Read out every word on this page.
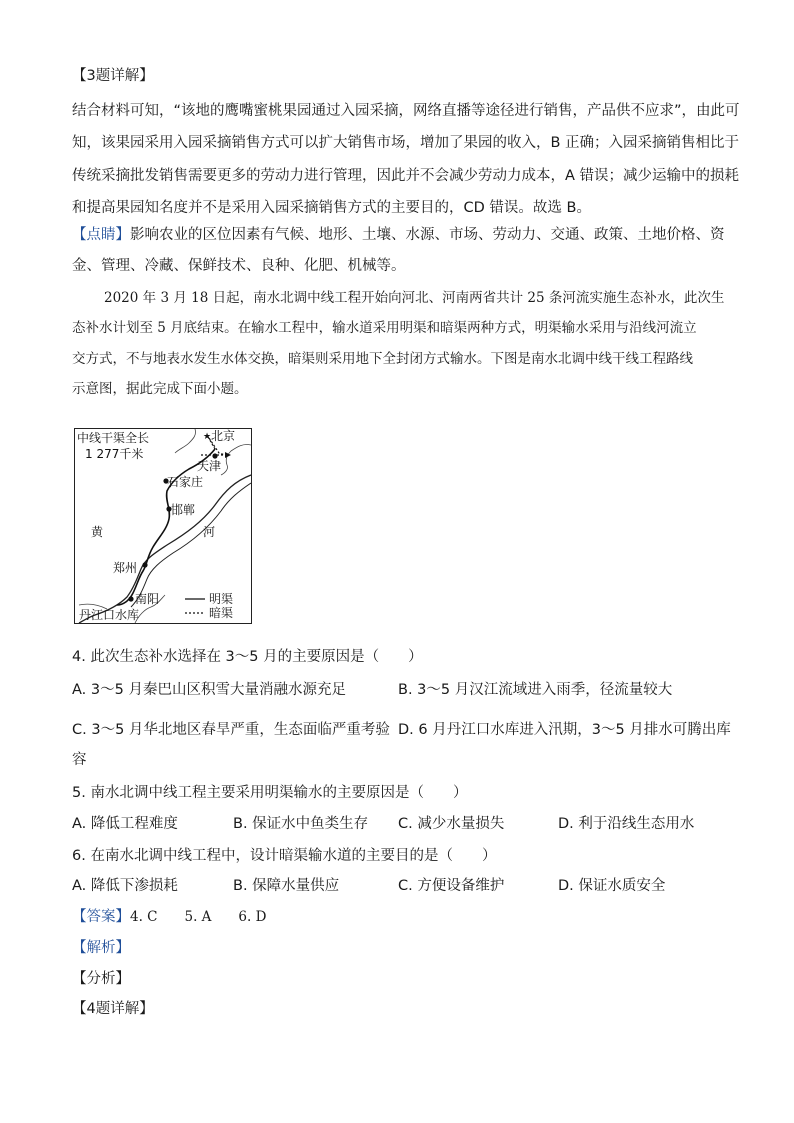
【3题详解】
结合材料可知，“该地的鹰嘴蜜桃果园通过入园采摘，网络直播等途径进行销售，产品供不应求”，由此可
知，该果园采用入园采摘销售方式可以扩大销售市场，增加了果园的收入，B 正确；入园采摘销售相比于
传统采摘批发销售需要更多的劳动力进行管理，因此并不会减少劳动力成本，A 错误；减少运输中的损耗
和提高果园知名度并不是采用入园采摘销售方式的主要目的，CD 错误。故选 B。
【点睛】影响农业的区位因素有气候、地形、土壤、水源、市场、劳动力、交通、政策、土地价格、资
金、管理、冷藏、保鲜技术、良种、化肥、机械等。
2020 年 3 月 18 日起，南水北调中线工程开始向河北、河南两省共计 25 条河流实施生态补水，此次生
态补水计划至 5 月底结束。在输水工程中，输水道采用明渠和暗渠两种方式，明渠输水采用与沿线河流立
交方式，不与地表水发生水体交换，暗渠则采用地下全封闭方式输水。下图是南水北调中线干线工程路线
示意图，据此完成下面小题。
★
中线干渠全长
1 277千米
北京
天津
石家庄
邯郸
黄	河
郑州
南阳
丹江口水库
明渠
暗渠
4. 此次生态补水选择在 3～5 月的主要原因是（　　）
A. 3～5 月秦巴山区积雪大量消融水源充足	B. 3～5 月汉江流域进入雨季，径流量较大
C. 3～5 月华北地区春旱严重，生态面临严重考验 D. 6 月丹江口水库进入汛期，3～5 月排水可腾出库
容
5. 南水北调中线工程主要采用明渠输水的主要原因是（　　）
A. 降低工程难度	B. 保证水中鱼类生存 C. 减少水量损失	D. 利于沿线生态用水
6. 在南水北调中线工程中，设计暗渠输水道的主要目的是（　　）
A. 降低下渗损耗	B. 保障水量供应	C. 方便设备维护	D. 保证水质安全
【答案】4. C　　5. A　　6. D
【解析】
【分析】
【4题详解】
